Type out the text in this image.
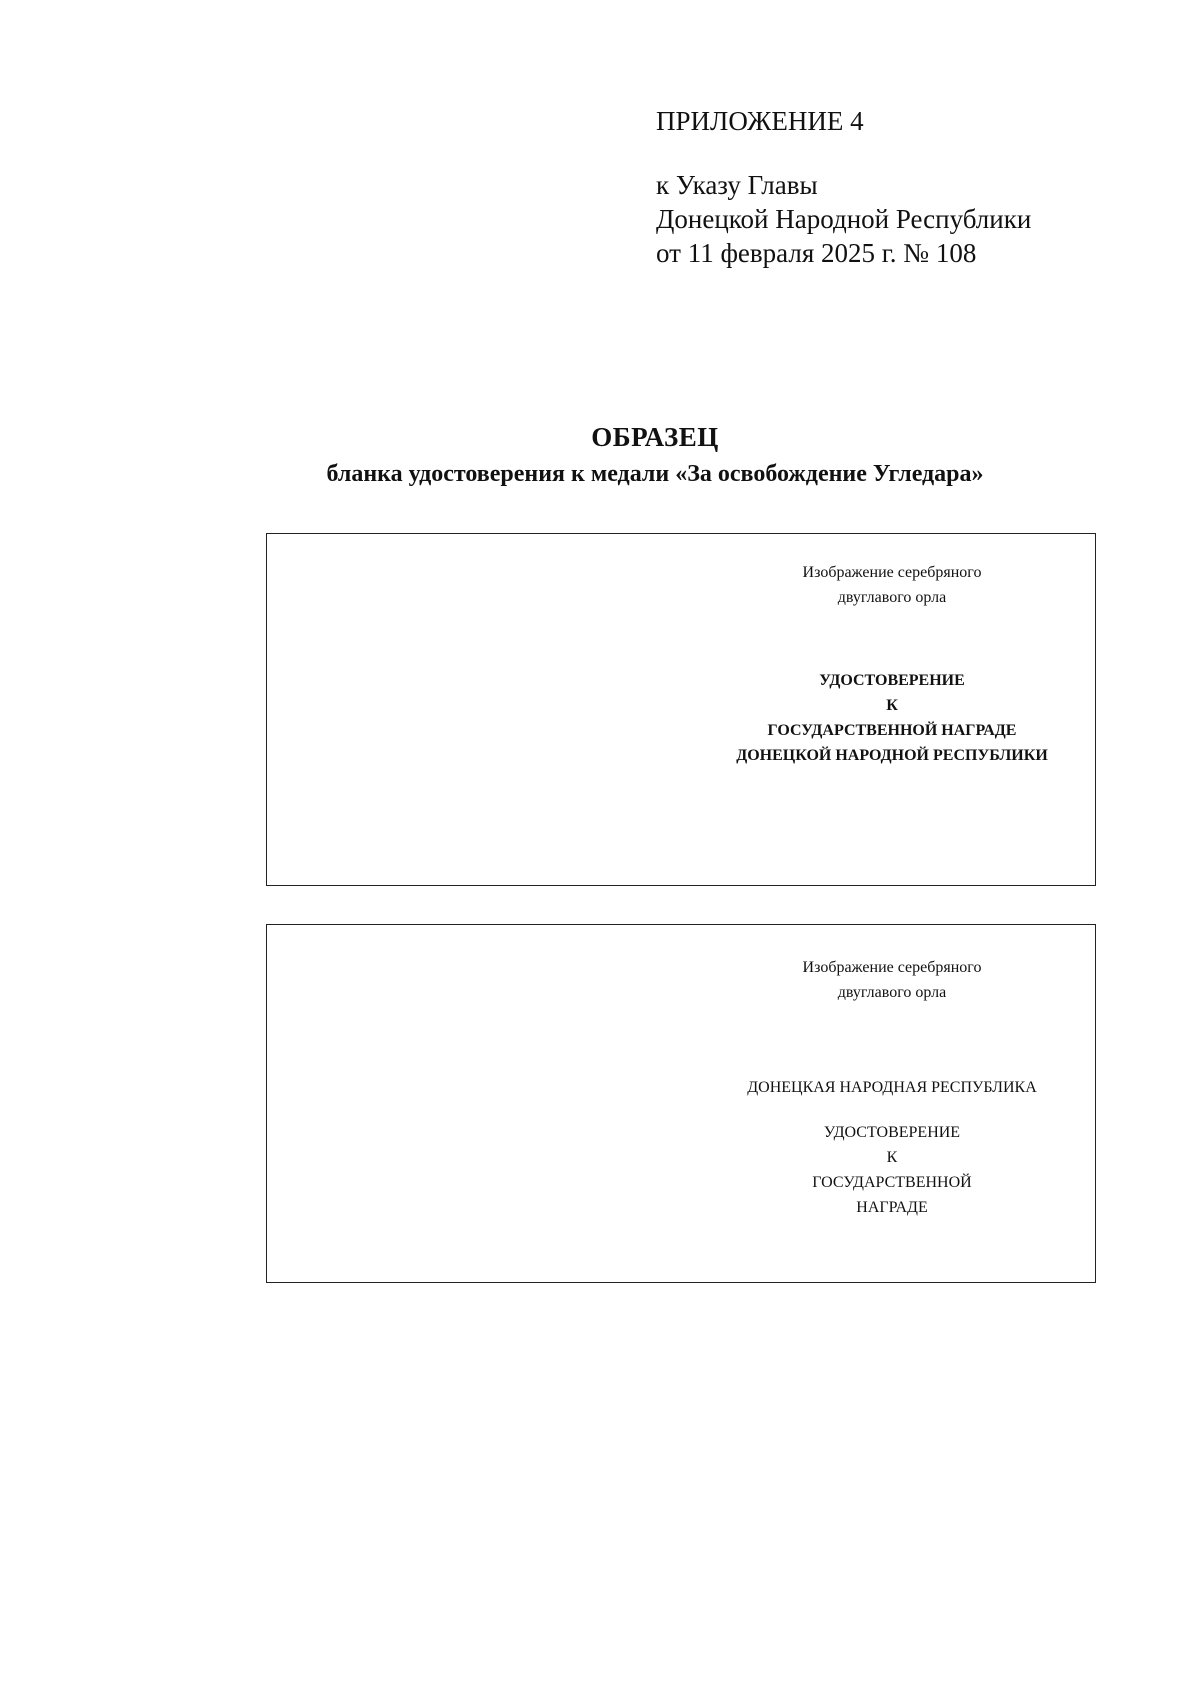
ПРИЛОЖЕНИЕ 4

к Указу Главы

Донецкой Народной Республики

от 11 февраля 2025 г. № 108

ОБРАЗЕЦ
бланка удостоверения к медали «За освобождение Угледара»

Изображение серебряного

двуглавого орла

УДОСТОВЕРЕНИЕ

К

ГОСУДАРСТВЕННОЙ НАГРАДЕ

ДОНЕЦКОЙ НАРОДНОЙ РЕСПУБЛИКИ

Изображение серебряного

двуглавого орла

ДОНЕЦКАЯ НАРОДНАЯ РЕСПУБЛИКА

УДОСТОВЕРЕНИЕ

К

ГОСУДАРСТВЕННОЙ

НАГРАДЕ
